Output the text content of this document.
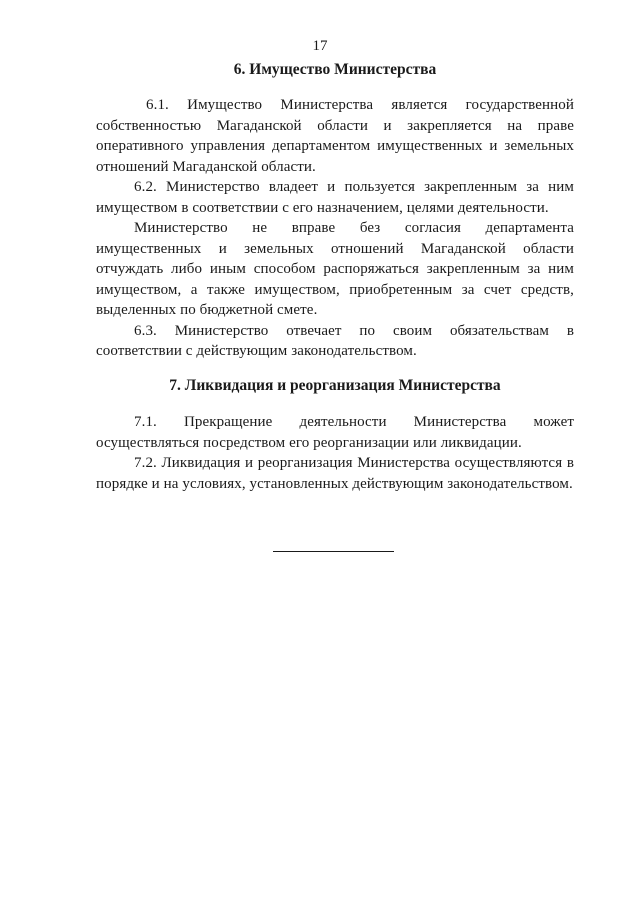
17
6. Имущество Министерства

6.1. Имущество Министерства является государственной собственностью Магаданской области и закрепляется на праве оперативного управления департаментом имущественных и земельных отношений Магаданской области.

6.2. Министерство владеет и пользуется закрепленным за ним имуществом в соответствии с его назначением, целями деятельности.

Министерство не вправе без согласия департамента имущественных и земельных отношений Магаданской области отчуждать либо иным способом распоряжаться закрепленным за ним имуществом, а также имуществом, приобретенным за счет средств, выделенных по бюджетной смете.

6.3. Министерство отвечает по своим обязательствам в соответствии с действующим законодательством.

7. Ликвидация и реорганизация Министерства

7.1. Прекращение деятельности Министерства может осуществляться посредством его реорганизации или ликвидации.

7.2. Ликвидация и реорганизация Министерства осуществляются в порядке и на условиях, установленных действующим законодательством.
